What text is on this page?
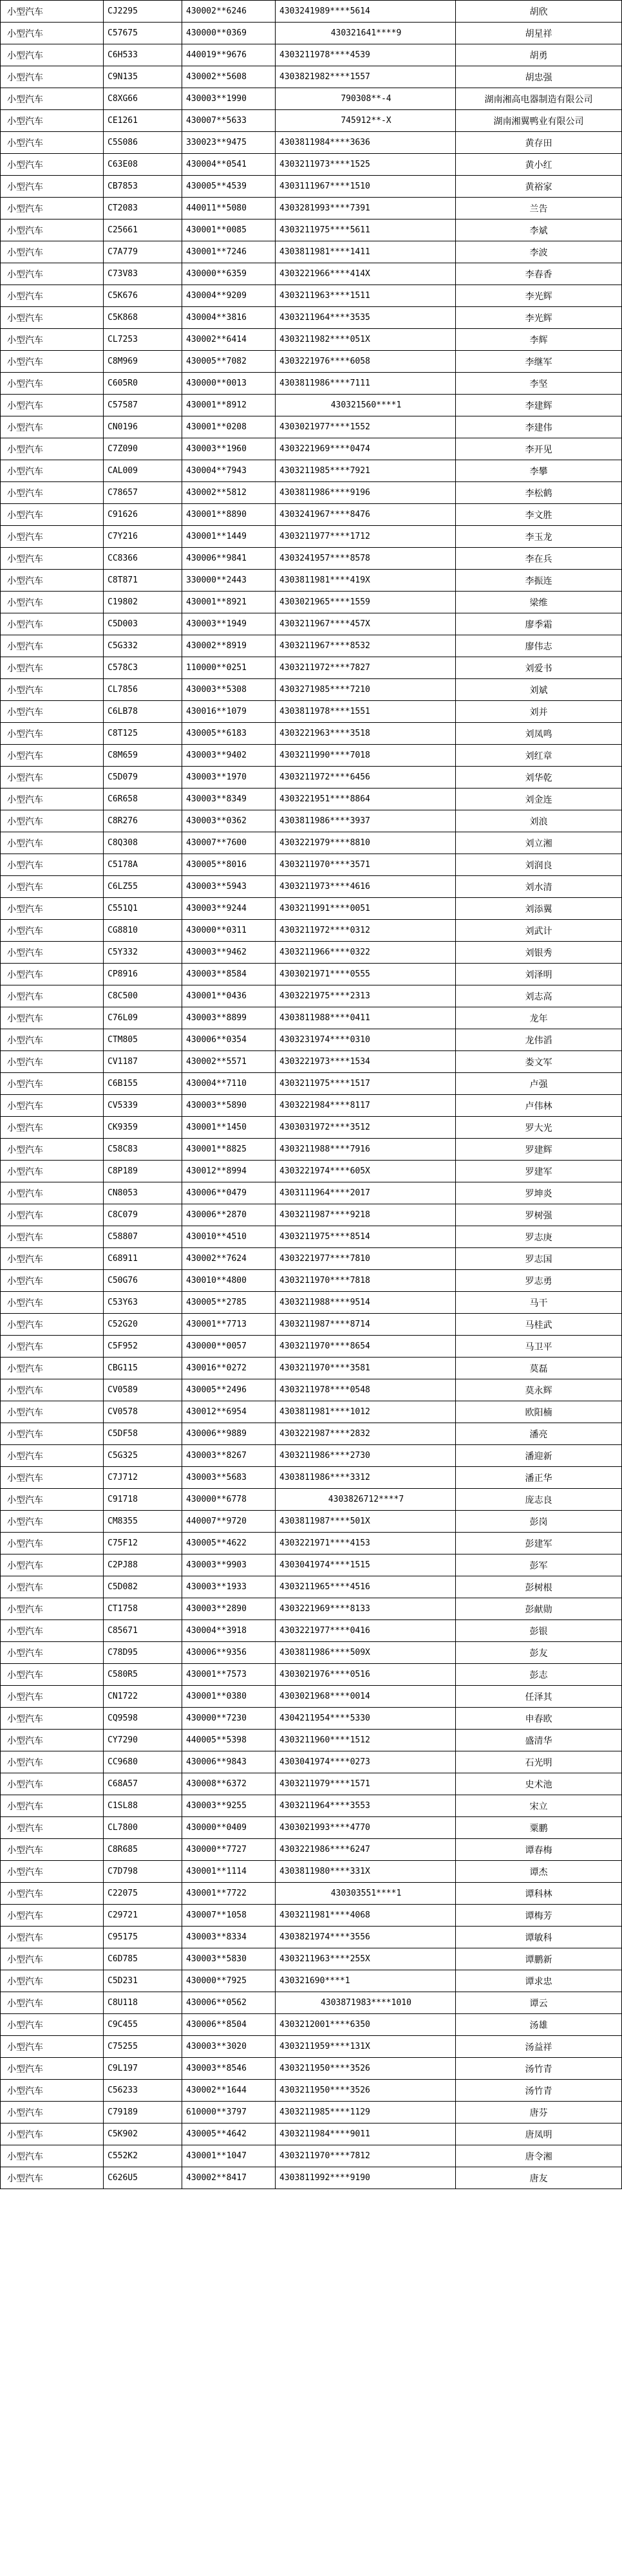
小型汽车	CJ2295	430002**6246	4303241989****5614	胡欣
小型汽车	C57675	430000**0369	430321641****9	胡星祥
小型汽车	C6H533	440019**9676	4303211978****4539	胡勇
小型汽车	C9N135	430002**5608	4303821982****1557	胡忠强
小型汽车	C8XG66	430003**1990	790308**-4	湖南湘高电器制造有限公司
小型汽车	CE1261	430007**5633	745912**-X	湖南湘翼鸭业有限公司
小型汽车	C5S086	330023**9475	4303811984****3636	黄存田
小型汽车	C63E08	430004**0541	4303211973****1525	黄小红
小型汽车	CB7853	430005**4539	4303111967****1510	黄裕家
小型汽车	CT2083	440011**5080	4303281993****7391	兰告
小型汽车	C25661	430001**0085	4303211975****5611	李斌
小型汽车	C7A779	430001**7246	4303811981****1411	李波
小型汽车	C73V83	430000**6359	4303221966****414X	李春香
小型汽车	C5K676	430004**9209	4303211963****1511	李光辉
小型汽车	C5K868	430004**3816	4303211964****3535	李光辉
小型汽车	CL7253	430002**6414	4303211982****051X	李辉
小型汽车	C8M969	430005**7082	4303221976****6058	李继军
小型汽车	C605R0	430000**0013	4303811986****7111	李坚
小型汽车	C57587	430001**8912	430321560****1	李建辉
小型汽车	CN0196	430001**0208	4303021977****1552	李建伟
小型汽车	C7Z090	430003**1960	4303221969****0474	李开见
小型汽车	CAL009	430004**7943	4303211985****7921	李攀
小型汽车	C78657	430002**5812	4303811986****9196	李松鹤
小型汽车	C91626	430001**8890	4303241967****8476	李文胜
小型汽车	C7Y216	430001**1449	4303211977****1712	李玉龙
小型汽车	CC8366	430006**9841	4303241957****8578	李在兵
小型汽车	C8T871	330000**2443	4303811981****419X	李振连
小型汽车	C19802	430001**8921	4303021965****1559	梁维
小型汽车	C5D003	430003**1949	4303211967****457X	廖季霜
小型汽车	C5G332	430002**8919	4303211967****8532	廖伟志
小型汽车	C578C3	110000**0251	4303211972****7827	刘爱书
小型汽车	CL7856	430003**5308	4303271985****7210	刘斌
小型汽车	C6LB78	430016**1079	4303811978****1551	刘并
小型汽车	C8T125	430005**6183	4303221963****3518	刘凤鸣
小型汽车	C8M659	430003**9402	4303211990****7018	刘红章
小型汽车	C5D079	430003**1970	4303211972****6456	刘华乾
小型汽车	C6R658	430003**8349	4303221951****8864	刘金连
小型汽车	C8R276	430003**0362	4303811986****3937	刘浪
小型汽车	C8Q308	430007**7600	4303221979****8810	刘立湘
小型汽车	C5178A	430005**8016	4303211970****3571	刘润良
小型汽车	C6LZ55	430003**5943	4303211973****4616	刘水清
小型汽车	C551Q1	430003**9244	4303211991****0051	刘添翼
小型汽车	CG8810	430000**0311	4303211972****0312	刘武计
小型汽车	C5Y332	430003**9462	4303211966****0322	刘银秀
小型汽车	CP8916	430003**8584	4303021971****0555	刘泽明
小型汽车	C8C500	430001**0436	4303221975****2313	刘志高
小型汽车	C76L09	430003**8899	4303811988****0411	龙年
小型汽车	CTM805	430006**0354	4303231974****0310	龙伟滔
小型汽车	CV1187	430002**5571	4303221973****1534	娄文军
小型汽车	C6B155	430004**7110	4303211975****1517	卢强
小型汽车	CV5339	430003**5890	4303221984****8117	卢伟林
小型汽车	CK9359	430001**1450	4303031972****3512	罗大光
小型汽车	C58C83	430001**8825	4303211988****7916	罗建辉
小型汽车	C8P189	430012**8994	4303221974****605X	罗建军
小型汽车	CN8053	430006**0479	4303111964****2017	罗坤炎
小型汽车	C8C079	430006**2870	4303211987****9218	罗树强
小型汽车	C58807	430010**4510	4303211975****8514	罗志庚
小型汽车	C68911	430002**7624	4303221977****7810	罗志国
小型汽车	C50G76	430010**4800	4303211970****7818	罗志勇
小型汽车	C53Y63	430005**2785	4303211988****9514	马干
小型汽车	C52G20	430001**7713	4303211987****8714	马桂武
小型汽车	C5F952	430000**0057	4303211970****8654	马卫平
小型汽车	CBG115	430016**0272	4303211970****3581	莫磊
小型汽车	CV0589	430005**2496	4303211978****0548	莫永辉
小型汽车	CV0578	430012**6954	4303811981****1012	欧阳楠
小型汽车	C5DF58	430006**9889	4303221987****2832	潘亮
小型汽车	C5G325	430003**8267	4303211986****2730	潘迎新
小型汽车	C7J712	430003**5683	4303811986****3312	潘正华
小型汽车	C91718	430000**6778	4303826712****7	庞志良
小型汽车	CM8355	440007**9720	4303811987****501X	彭岗
小型汽车	C75F12	430005**4622	4303221971****4153	彭建军
小型汽车	C2PJ88	430003**9903	4303041974****1515	彭军
小型汽车	C5D082	430003**1933	4303211965****4516	彭树根
小型汽车	CT1758	430003**2890	4303221969****8133	彭献勋
小型汽车	C85671	430004**3918	4303221977****0416	彭银
小型汽车	C78D95	430006**9356	4303811986****509X	彭友
小型汽车	C580R5	430001**7573	4303021976****0516	彭志
小型汽车	CN1722	430001**0380	4303021968****0014	任泽其
小型汽车	CQ9598	430000**7230	4304211954****5330	申春欧
小型汽车	CY7290	440005**5398	4303211960****1512	盛清华
小型汽车	CC9680	430006**9843	4303041974****0273	石光明
小型汽车	C68A57	430008**6372	4303211979****1571	史术池
小型汽车	C1SL88	430003**9255	4303211964****3553	宋立
小型汽车	CL7800	430000**0409	4303021993****4770	粟鹏
小型汽车	C8R685	430000**7727	4303221986****6247	谭春梅
小型汽车	C7D798	430001**1114	4303811980****331X	谭杰
小型汽车	C22075	430001**7722	430303551****1	谭科林
小型汽车	C29721	430007**1058	4303211981****4068	谭梅芳
小型汽车	C95175	430003**8334	4303821974****3556	谭敏科
小型汽车	C6D785	430003**5830	4303211963****255X	谭鹏新
小型汽车	C5D231	430000**7925	430321690****1	谭求忠
小型汽车	C8U118	430006**0562	4303871983****1010	谭云
小型汽车	C9C455	430006**8504	4303212001****6350	汤雄
小型汽车	C75255	430003**3020	4303211959****131X	汤益祥
小型汽车	C9L197	430003**8546	4303211950****3526	汤竹青
小型汽车	C56233	430002**1644	4303211950****3526	汤竹青
小型汽车	C79189	610000**3797	4303211985****1129	唐芬
小型汽车	C5K902	430005**4642	4303211984****9011	唐凤明
小型汽车	C552K2	430001**1047	4303211970****7812	唐令湘
小型汽车	C626U5	430002**8417	4303811992****9190	唐友
